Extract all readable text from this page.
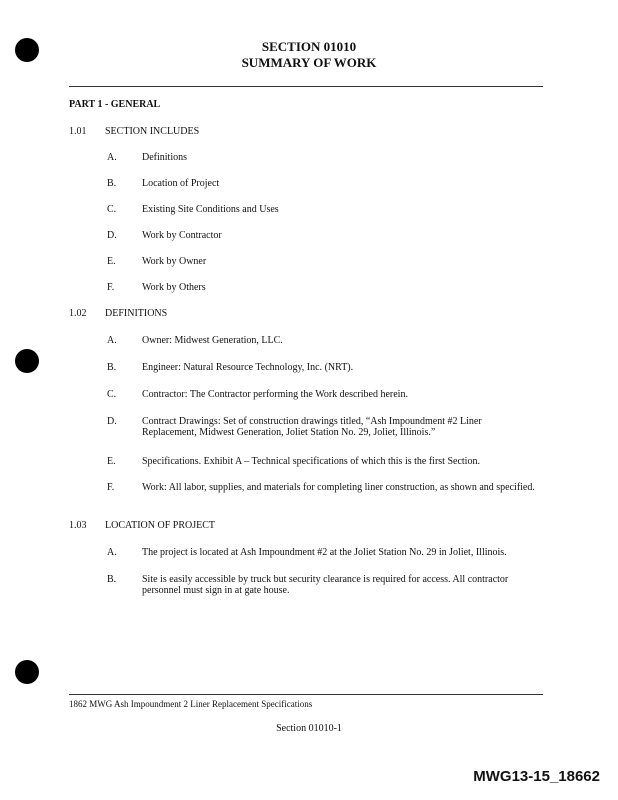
SECTION 01010
SUMMARY OF WORK
PART 1 - GENERAL
1.01 SECTION INCLUDES
A.	Definitions
B.	Location of Project
C.	Existing Site Conditions and Uses
D.	Work by Contractor
E.	Work by Owner
F.	Work by Others
1.02 DEFINITIONS
A.	Owner: Midwest Generation, LLC.
B.	Engineer: Natural Resource Technology, Inc. (NRT).
C.	Contractor: The Contractor performing the Work described herein.
D.	Contract Drawings: Set of construction drawings titled, “Ash Impoundment #2 Liner Replacement, Midwest Generation, Joliet Station No. 29, Joliet, Illinois.”
E.	Specifications. Exhibit A – Technical specifications of which this is the first Section.
F.	Work: All labor, supplies, and materials for completing liner construction, as shown and specified.
1.03 LOCATION OF PROJECT
A.	The project is located at Ash Impoundment #2 at the Joliet Station No. 29 in Joliet, Illinois.
B.	Site is easily accessible by truck but security clearance is required for access. All contractor personnel must sign in at gate house.
1862 MWG Ash Impoundment 2 Liner Replacement Specifications
Section 01010-1
MWG13-15_18662
